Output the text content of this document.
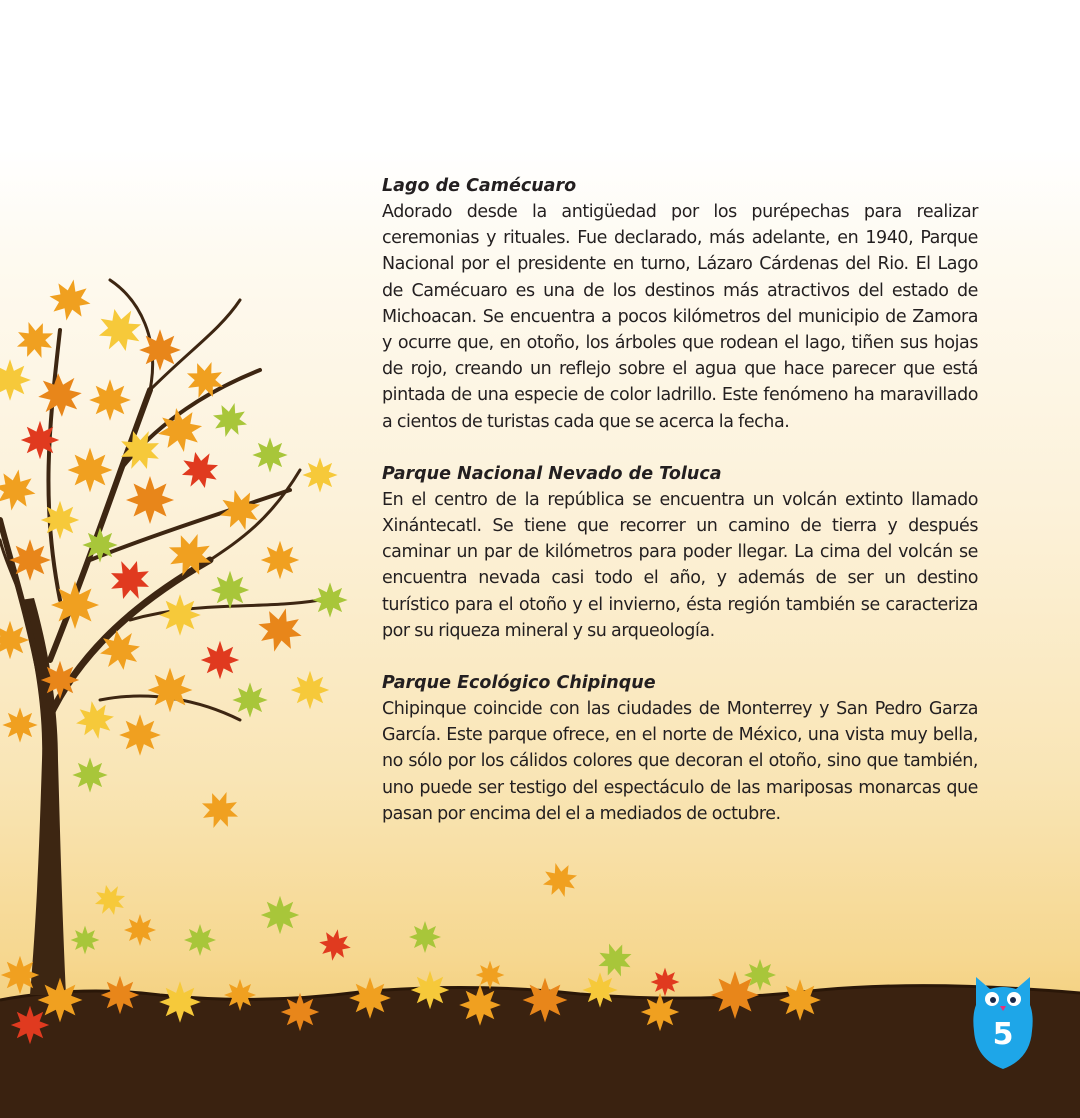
Lago de Camécuaro

Adorado desde la antigüedad por los purépechas para realizar ceremonias y rituales. Fue declarado, más adelante, en 1940, Parque Nacional por el presidente en turno, Lázaro Cárdenas del Rio. El Lago de Camécuaro es una de los destinos más atractivos del estado de Michoacan. Se encuentra a pocos kilómetros del municipio de Zamora y ocurre que, en otoño, los árboles que rodean el lago, tiñen sus hojas de rojo, creando un reflejo sobre el agua que hace parecer que está pintada de una especie de color ladrillo. Este fenómeno ha maravillado a cientos de turistas cada que se acerca la fecha.

Parque Nacional Nevado de Toluca

En el centro de la república se encuentra un volcán extinto llamado Xinántecatl. Se tiene que recorrer un camino de tierra y después caminar un par de kilómetros para poder llegar. La cima del volcán se encuentra nevada casi todo el año, y además de ser un destino turístico para el otoño y el invierno, ésta región también se caracteriza por su riqueza mineral y su arqueología.

Parque Ecológico Chipinque

Chipinque coincide con las ciudades de Monterrey y San Pedro Garza García. Este parque ofrece, en el norte de México, una vista muy bella, no sólo por los cálidos colores que decoran el otoño, sino que también, uno puede ser testigo del espectáculo de las mariposas monarcas que pasan por encima del el a mediados de octubre.

5
